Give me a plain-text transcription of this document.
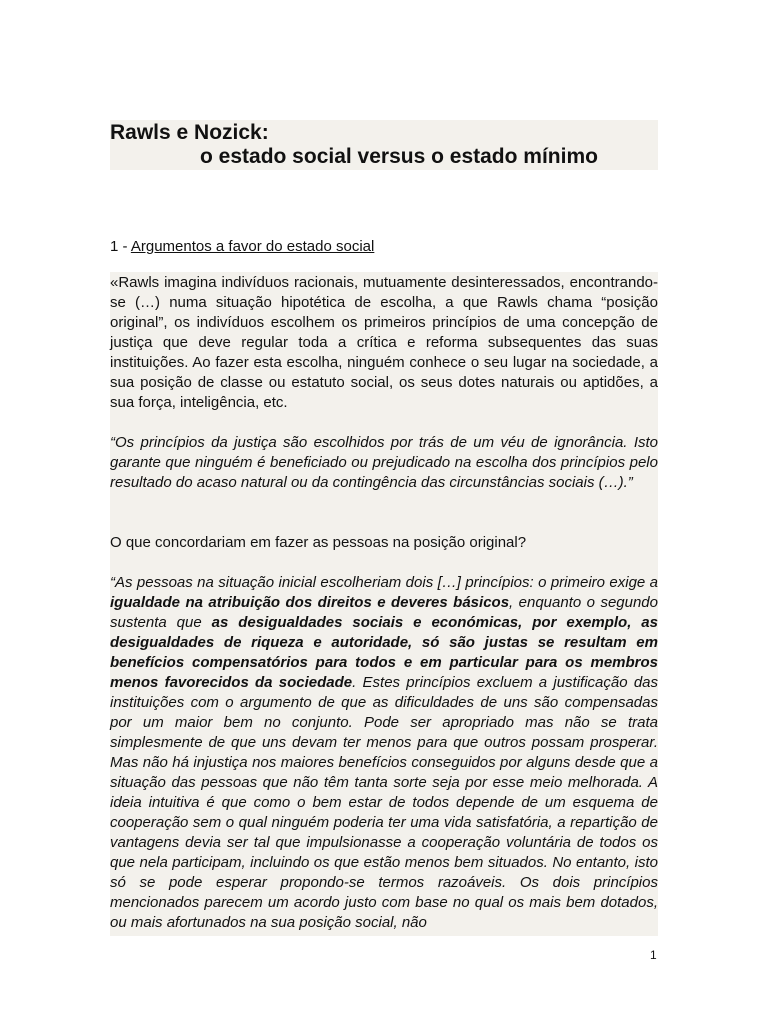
Rawls e Nozick:
o estado social versus o estado mínimo
1 - Argumentos a favor do estado social

«Rawls imagina indivíduos racionais, mutuamente desinteressados, encontrando-se (…) numa situação hipotética de escolha, a que Rawls chama “posição original”, os indivíduos escolhem os primeiros princípios de uma concepção de justiça que deve regular toda a crítica e reforma subsequentes das suas instituições. Ao fazer esta escolha, ninguém conhece o seu lugar na sociedade, a sua posição de classe ou estatuto social, os seus dotes naturais ou aptidões, a sua força, inteligência, etc.

“Os princípios da justiça são escolhidos por trás de um véu de ignorância. Isto garante que ninguém é beneficiado ou prejudicado na escolha dos princípios pelo resultado do acaso natural ou da contingência das circunstâncias sociais (…).”

O que concordariam em fazer as pessoas na posição original?

“As pessoas na situação inicial escolheriam dois […] princípios: o primeiro exige a igualdade na atribuição dos direitos e deveres básicos, enquanto o segundo sustenta que as desigualdades sociais e económicas, por exemplo, as desigualdades de riqueza e autoridade, só são justas se resultam em benefícios compensatórios para todos e em particular para os membros menos favorecidos da sociedade. Estes princípios excluem a justificação das instituições com o argumento de que as dificuldades de uns são compensadas por um maior bem no conjunto. Pode ser apropriado mas não se trata simplesmente de que uns devam ter menos para que outros possam prosperar. Mas não há injustiça nos maiores benefícios conseguidos por alguns desde que a situação das pessoas que não têm tanta sorte seja por esse meio melhorada. A ideia intuitiva é que como o bem estar de todos depende de um esquema de cooperação sem o qual ninguém poderia ter uma vida satisfatória, a repartição de vantagens devia ser tal que impulsionasse a cooperação voluntária de todos os que nela participam, incluindo os que estão menos bem situados. No entanto, isto só se pode esperar propondo-se termos razoáveis. Os dois princípios mencionados parecem um acordo justo com base no qual os mais bem dotados, ou mais afortunados na sua posição social, não

1
